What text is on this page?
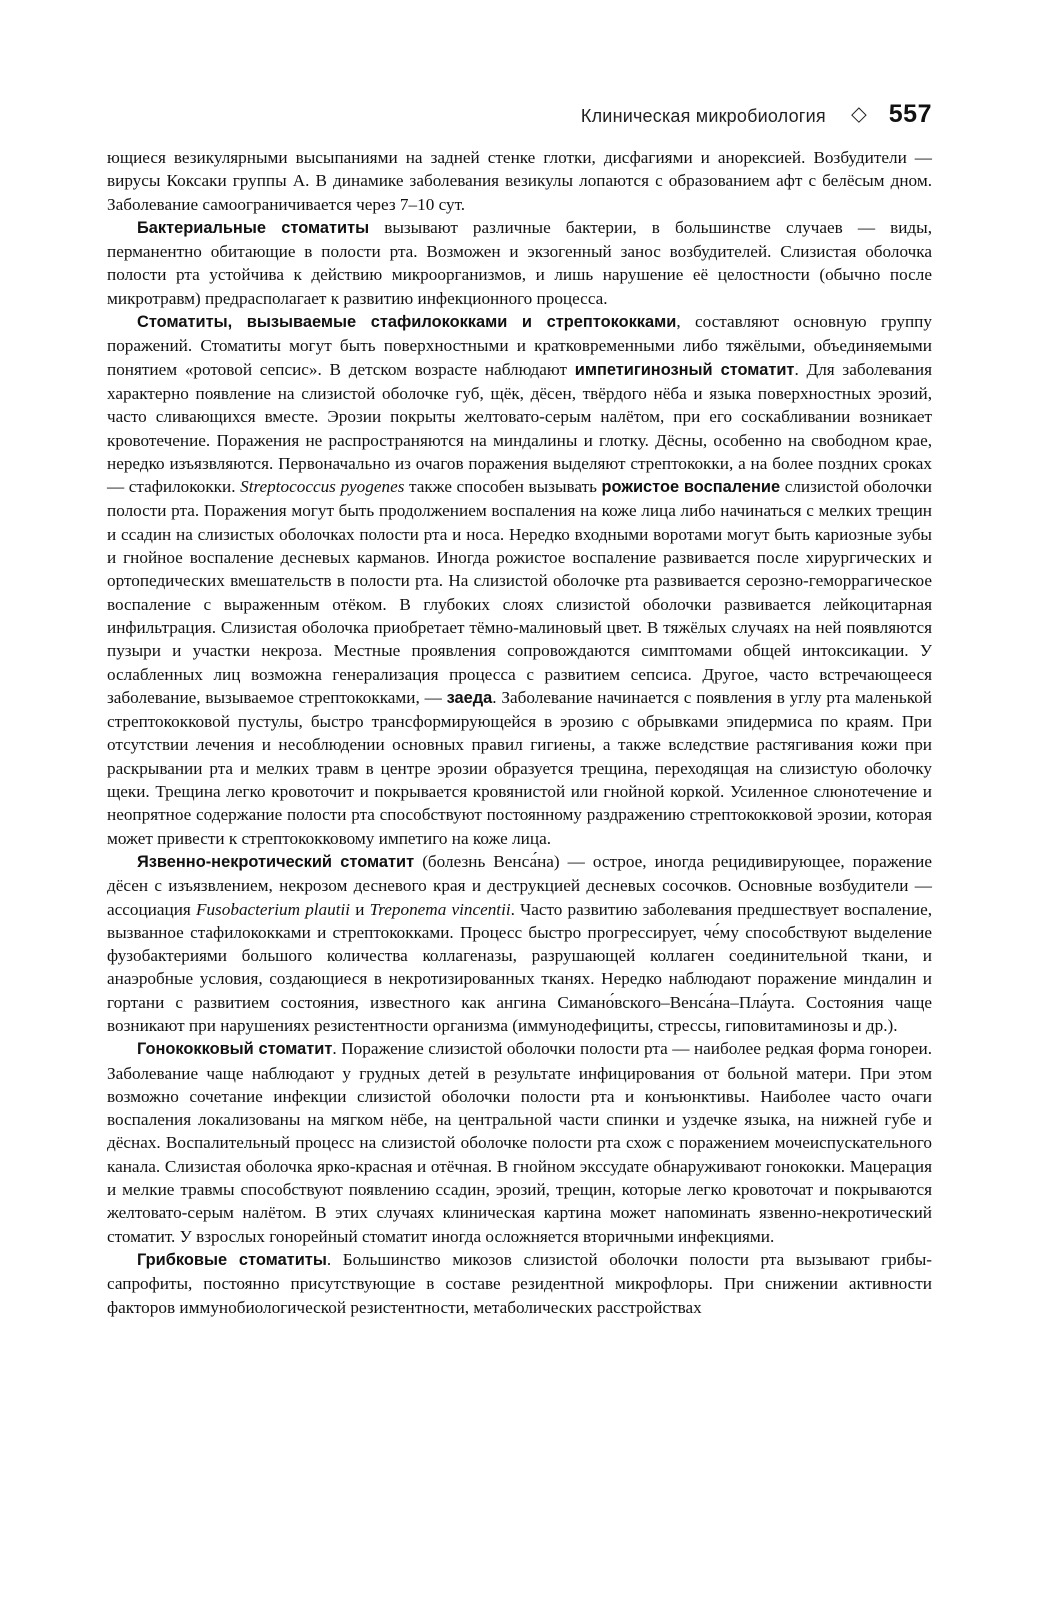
Клиническая микробиология	557

ющиеся везикулярными высыпаниями на задней стенке глотки, дисфагиями и анорексией. Возбудители — вирусы Коксаки группы А. В динамике заболевания везикулы лопаются с образованием афт с белёсым дном. Заболевание самоограничивается через 7–10 сут.

Бактериальные стоматиты вызывают различные бактерии, в большинстве случаев — виды, перманентно обитающие в полости рта. Возможен и экзогенный занос возбудителей. Слизистая оболочка полости рта устойчива к действию микроорганизмов, и лишь нарушение её целостности (обычно после микротравм) предрасполагает к развитию инфекционного процесса.

Стоматиты, вызываемые стафилококками и стрептококками, составляют основную группу поражений. Стоматиты могут быть поверхностными и кратковременными либо тяжёлыми, объединяемыми понятием «ротовой сепсис». В детском возрасте наблюдают импетигинозный стоматит. Для заболевания характерно появление на слизистой оболочке губ, щёк, дёсен, твёрдого нёба и языка поверхностных эрозий, часто сливающихся вместе. Эрозии покрыты желтовато-серым налётом, при его соскабливании возникает кровотечение. Поражения не распространяются на миндалины и глотку. Дёсны, особенно на свободном крае, нередко изъязвляются. Первоначально из очагов поражения выделяют стрептококки, а на более поздних сроках — стафилококки. Streptococcus pyogenes также способен вызывать рожистое воспаление слизистой оболочки полости рта. Поражения могут быть продолжением воспаления на коже лица либо начинаться с мелких трещин и ссадин на слизистых оболочках полости рта и носа. Нередко входными воротами могут быть кариозные зубы и гнойное воспаление десневых карманов. Иногда рожистое воспаление развивается после хирургических и ортопедических вмешательств в полости рта. На слизистой оболочке рта развивается серозно-геморрагическое воспаление с выраженным отёком. В глубоких слоях слизистой оболочки развивается лейкоцитарная инфильтрация. Слизистая оболочка приобретает тёмно-малиновый цвет. В тяжёлых случаях на ней появляются пузыри и участки некроза. Местные проявления сопровождаются симптомами общей интоксикации. У ослабленных лиц возможна генерализация процесса с развитием сепсиса. Другое, часто встречающееся заболевание, вызываемое стрептококками, — заеда. Заболевание начинается с появления в углу рта маленькой стрептококковой пустулы, быстро трансформирующейся в эрозию с обрывками эпидермиса по краям. При отсутствии лечения и несоблюдении основных правил гигиены, а также вследствие растягивания кожи при раскрывании рта и мелких травм в центре эрозии образуется трещина, переходящая на слизистую оболочку щеки. Трещина легко кровоточит и покрывается кровянистой или гнойной коркой. Усиленное слюнотечение и неопрятное содержание полости рта способствуют постоянному раздражению стрептококковой эрозии, которая может привести к стрептококковому импетиго на коже лица.

Язвенно-некротический стоматит (болезнь Венса́на) — острое, иногда рецидивирующее, поражение дёсен с изъязвлением, некрозом десневого края и деструкцией десневых сосочков. Основные возбудители — ассоциация Fusobacterium plautii и Treponema vincentii. Часто развитию заболевания предшествует воспаление, вызванное стафилококками и стрептококками. Процесс быстро прогрессирует, че́му способствуют выделение фузобактериями большого количества коллагеназы, разрушающей коллаген соединительной ткани, и анаэробные условия, создающиеся в некротизированных тканях. Нередко наблюдают поражение миндалин и гортани с развитием состояния, известного как ангина Симано́вского–Венса́на–Пла́ута. Состояния чаще возникают при нарушениях резистентности организма (иммунодефициты, стрессы, гиповитаминозы и др.).

Гонококковый стоматит. Поражение слизистой оболочки полости рта — наиболее редкая форма гонореи. Заболевание чаще наблюдают у грудных детей в результате инфицирования от больной матери. При этом возможно сочетание инфекции слизистой оболочки полости рта и конъюнктивы. Наиболее часто очаги воспаления локализованы на мягком нёбе, на центральной части спинки и уздечке языка, на нижней губе и дёснах. Воспалительный процесс на слизистой оболочке полости рта схож с поражением мочеиспускательного канала. Слизистая оболочка ярко-красная и отёчная. В гнойном экссудате обнаруживают гонококки. Мацерация и мелкие травмы способствуют появлению ссадин, эрозий, трещин, которые легко кровоточат и покрываются желтовато-серым налётом. В этих случаях клиническая картина может напоминать язвенно-некротический стоматит. У взрослых гонорейный стоматит иногда осложняется вторичными инфекциями.

Грибковые стоматиты. Большинство микозов слизистой оболочки полости рта вызывают грибы-сапрофиты, постоянно присутствующие в составе резидентной микрофлоры. При снижении активности факторов иммунобиологической резистентности, метаболических расстройствах
